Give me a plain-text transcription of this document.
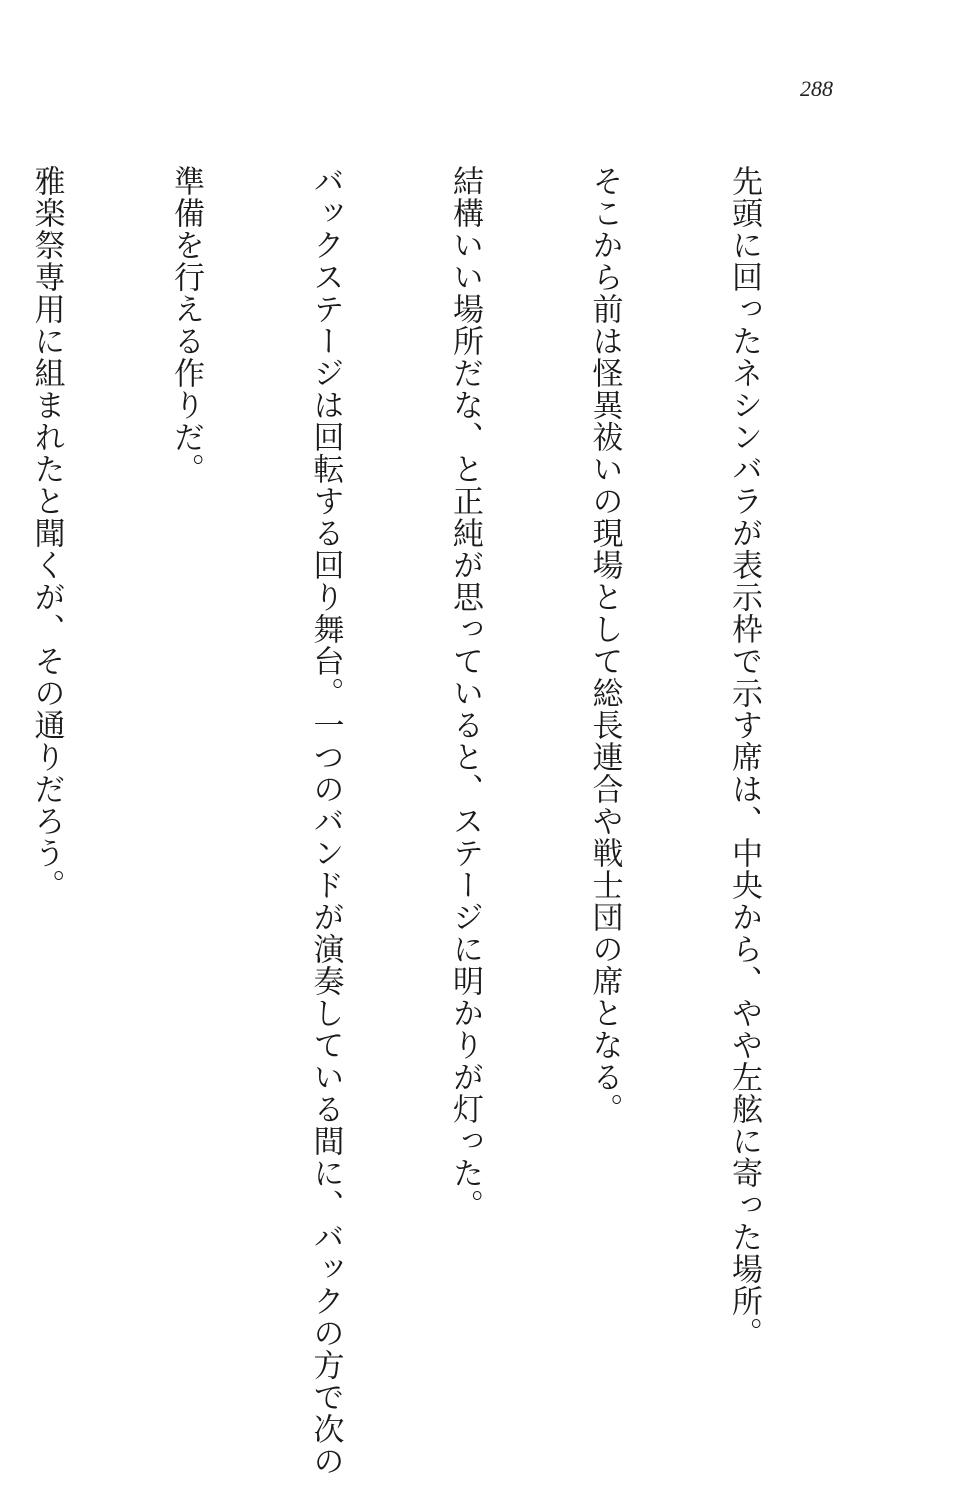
288

先頭に回ったネシンバラが表示枠で示す席は、中央から、やや左舷に寄った場所。

そこから前は怪異祓いの現場として総長連合や戦士団の席となる。

結構いい場所だな、と正純が思っていると、ステージに明かりが灯った。

バックステージは回転する回り舞台。一つのバンドが演奏している間に、バックの方で次の

準備を行える作りだ。

雅楽祭専用に組まれたと聞くが、その通りだろう。
